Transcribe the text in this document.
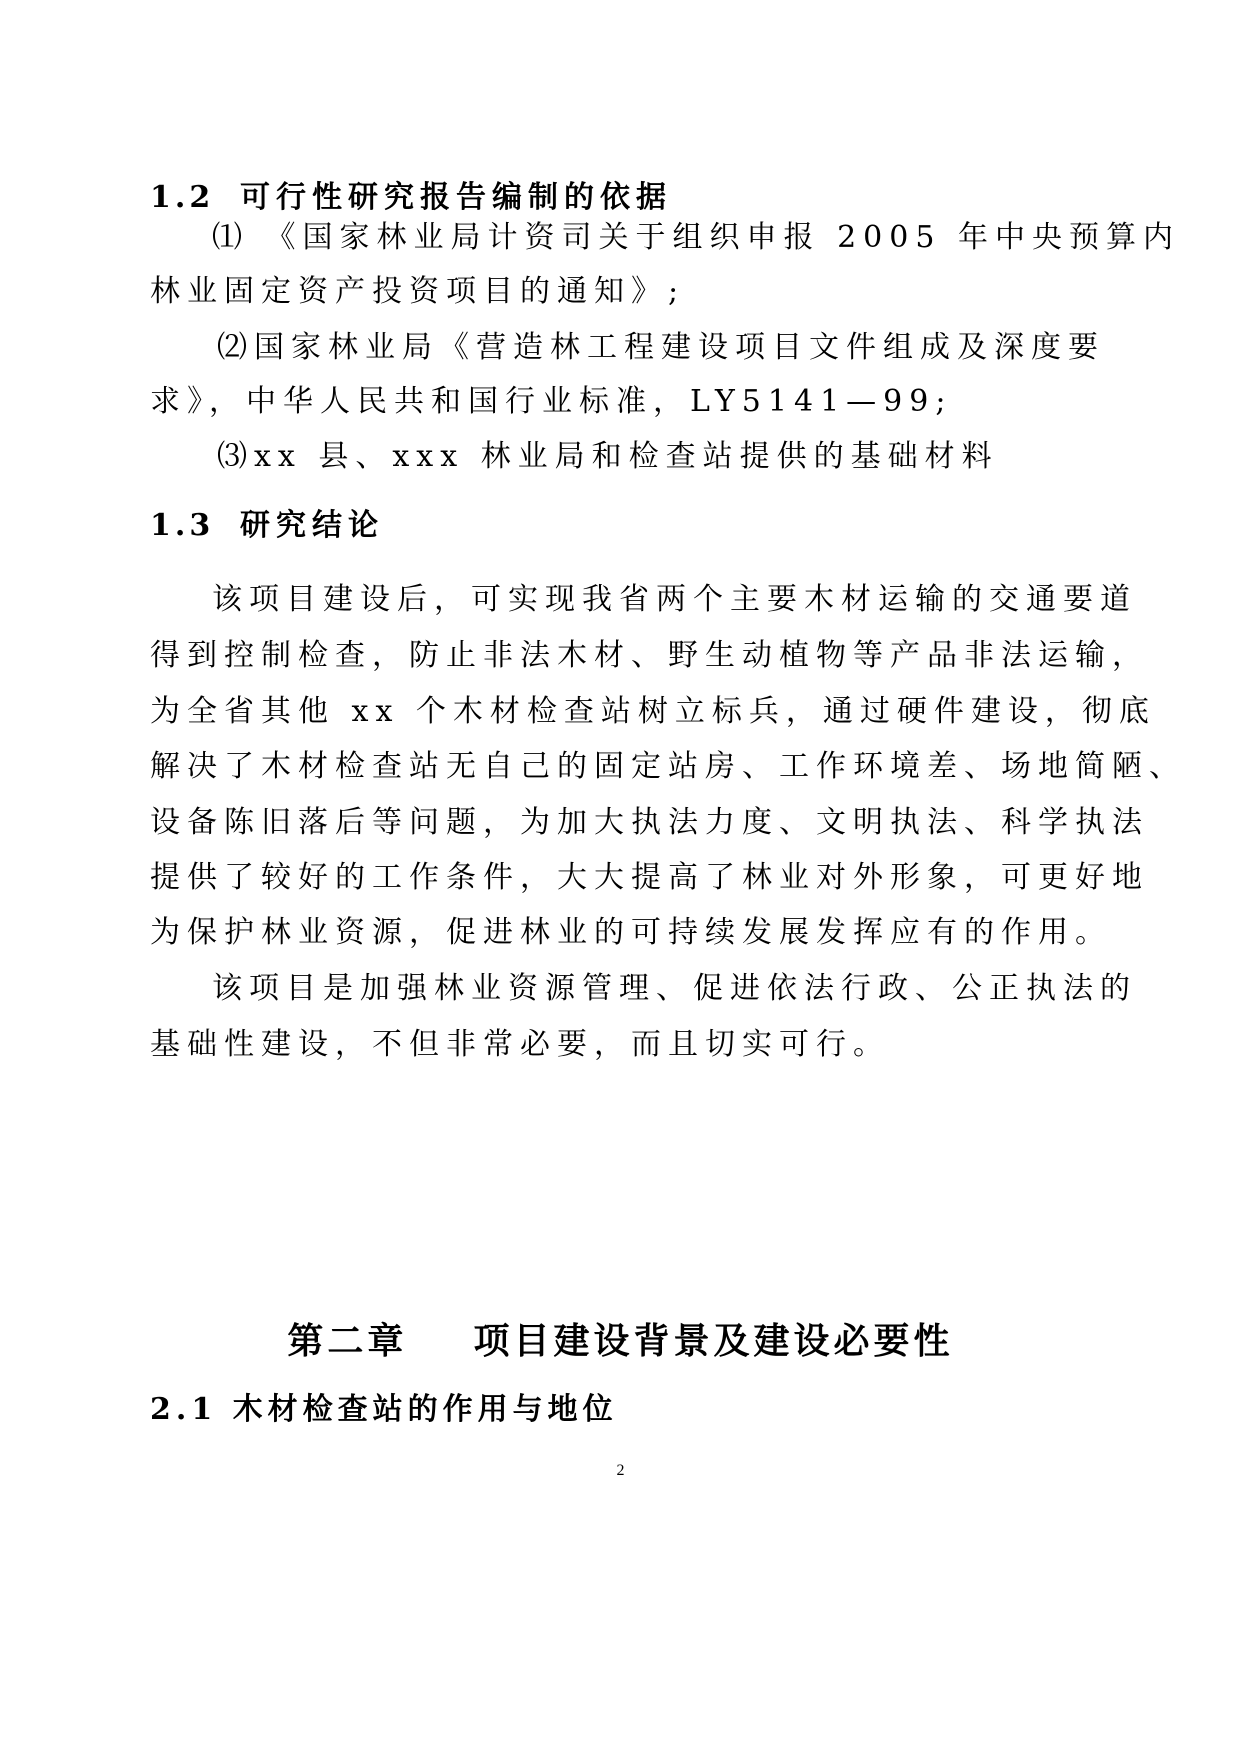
1.2 可行性研究报告编制的依据
⑴ 《国家林业局计资司关于组织申报 2005 年中央预算内
林业固定资产投资项目的通知》;
⑵国家林业局《营造林工程建设项目文件组成及深度要
求》，中华人民共和国行业标准，LY5141—99;
⑶xx 县、xxx 林业局和检查站提供的基础材料
1.3 研究结论
该项目建设后，可实现我省两个主要木材运输的交通要道
得到控制检查，防止非法木材、野生动植物等产品非法运输，
为全省其他 xx 个木材检查站树立标兵，通过硬件建设，彻底
解决了木材检查站无自己的固定站房、工作环境差、场地简陋、
设备陈旧落后等问题，为加大执法力度、文明执法、科学执法
提供了较好的工作条件，大大提高了林业对外形象，可更好地
为保护林业资源，促进林业的可持续发展发挥应有的作用。
该项目是加强林业资源管理、促进依法行政、公正执法的
基础性建设，不但非常必要，而且切实可行。
第二章    项目建设背景及建设必要性
2.1 木材检查站的作用与地位
2
